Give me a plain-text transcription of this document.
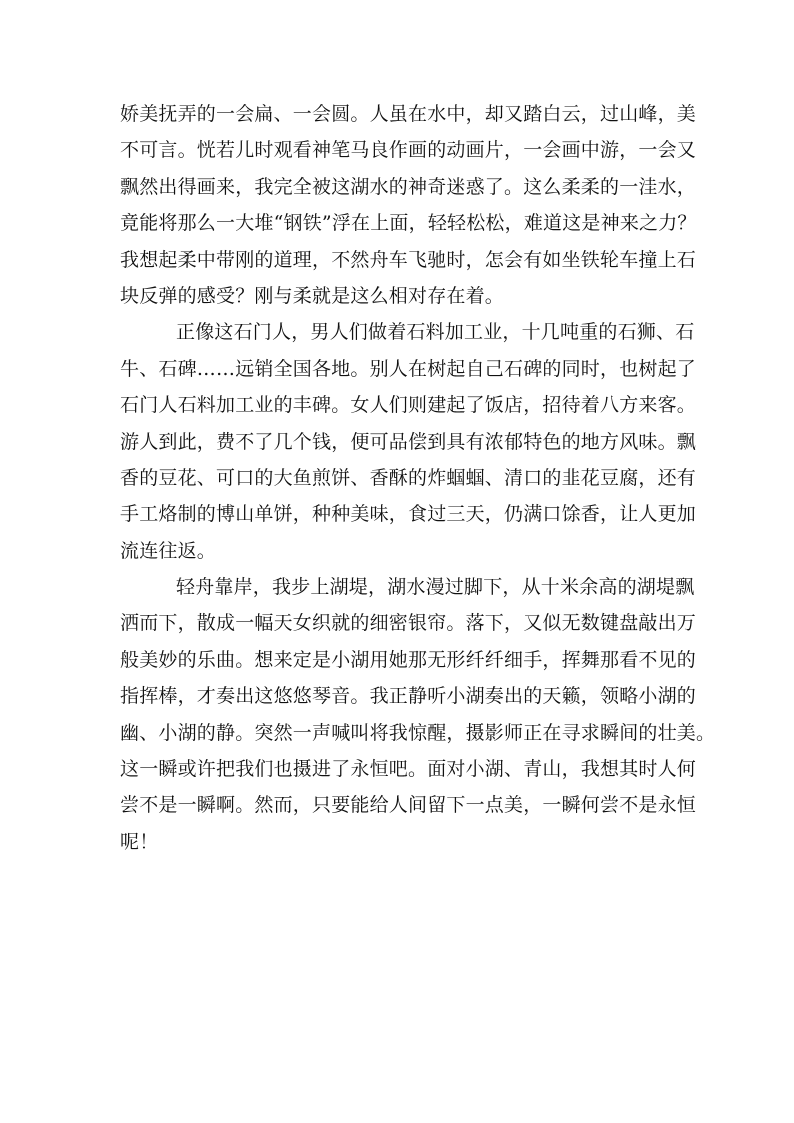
娇美抚弄的一会扁、一会圆。人虽在水中，却又踏白云，过山峰，美
不可言。恍若儿时观看神笔马良作画的动画片，一会画中游，一会又
飘然出得画来，我完全被这湖水的神奇迷惑了。这么柔柔的一洼水，
竟能将那么一大堆“钢铁”浮在上面，轻轻松松，难道这是神来之力？
我想起柔中带刚的道理，不然舟车飞驰时，怎会有如坐铁轮车撞上石
块反弹的感受？刚与柔就是这么相对存在着。
正像这石门人，男人们做着石料加工业，十几吨重的石狮、石
牛、石碑……远销全国各地。别人在树起自己石碑的同时，也树起了
石门人石料加工业的丰碑。女人们则建起了饭店，招待着八方来客。
游人到此，费不了几个钱，便可品偿到具有浓郁特色的地方风味。飘
香的豆花、可口的大鱼煎饼、香酥的炸蝈蝈、清口的韭花豆腐，还有
手工烙制的博山单饼，种种美味，食过三天，仍满口馀香，让人更加
流连往返。
轻舟靠岸，我步上湖堤，湖水漫过脚下，从十米余高的湖堤飘
洒而下，散成一幅天女织就的细密银帘。落下，又似无数键盘敲出万
般美妙的乐曲。想来定是小湖用她那无形纤纤细手，挥舞那看不见的
指挥棒，才奏出这悠悠琴音。我正静听小湖奏出的天籁，领略小湖的
幽、小湖的静。突然一声喊叫将我惊醒，摄影师正在寻求瞬间的壮美。
这一瞬或许把我们也摄进了永恒吧。面对小湖、青山，我想其时人何
尝不是一瞬啊。然而，只要能给人间留下一点美，一瞬何尝不是永恒
呢！
